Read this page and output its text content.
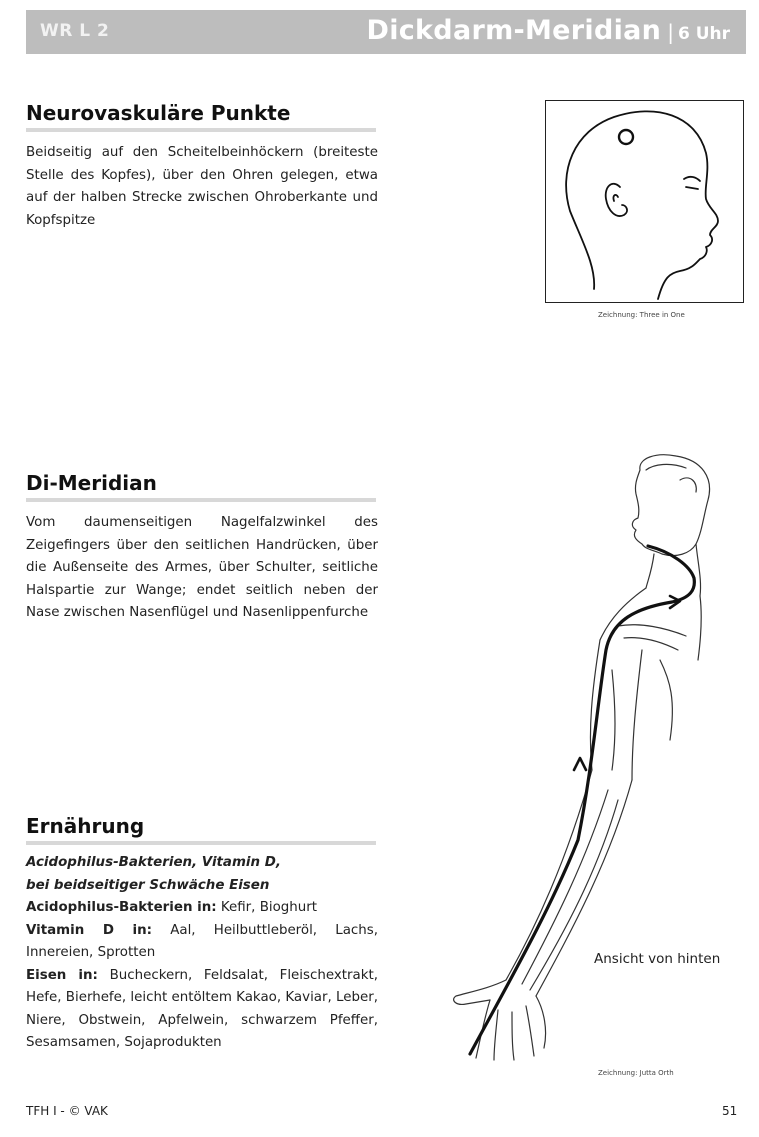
WR L 2	Dickdarm-Meridian | 6 Uhr
Neurovaskuläre Punkte

Beidseitig auf den Scheitelbeinhöckern (breiteste Stelle des Kopfes), über den Ohren gelegen, etwa auf der halben Strecke zwischen Ohroberkante und Kopfspitze

Zeichnung: Three in One
Di-Meridian

Vom daumenseitigen Nagelfalzwinkel des Zeigefingers über den seitlichen Handrücken, über die Außenseite des Armes, über Schulter, seitliche Halspartie zur Wange; endet seitlich neben der Nase zwischen Nasenflügel und Nasenlippenfurche

Ansicht von hinten
Zeichnung: Jutta Orth
Ernährung

Acidophilus-Bakterien, Vitamin D,
bei beidseitiger Schwäche Eisen

Acidophilus-Bakterien in: Kefir, Bioghurt

Vitamin D in: Aal, Heilbuttleberöl, Lachs, Innereien, Sprotten

Eisen in: Bucheckern, Feldsalat, Fleischextrakt, Hefe, Bierhefe, leicht entöltem Kakao, Kaviar, Leber, Niere, Obstwein, Apfelwein, schwarzem Pfeffer, Sesamsamen, Sojaprodukten

TFH I - © VAK	51
